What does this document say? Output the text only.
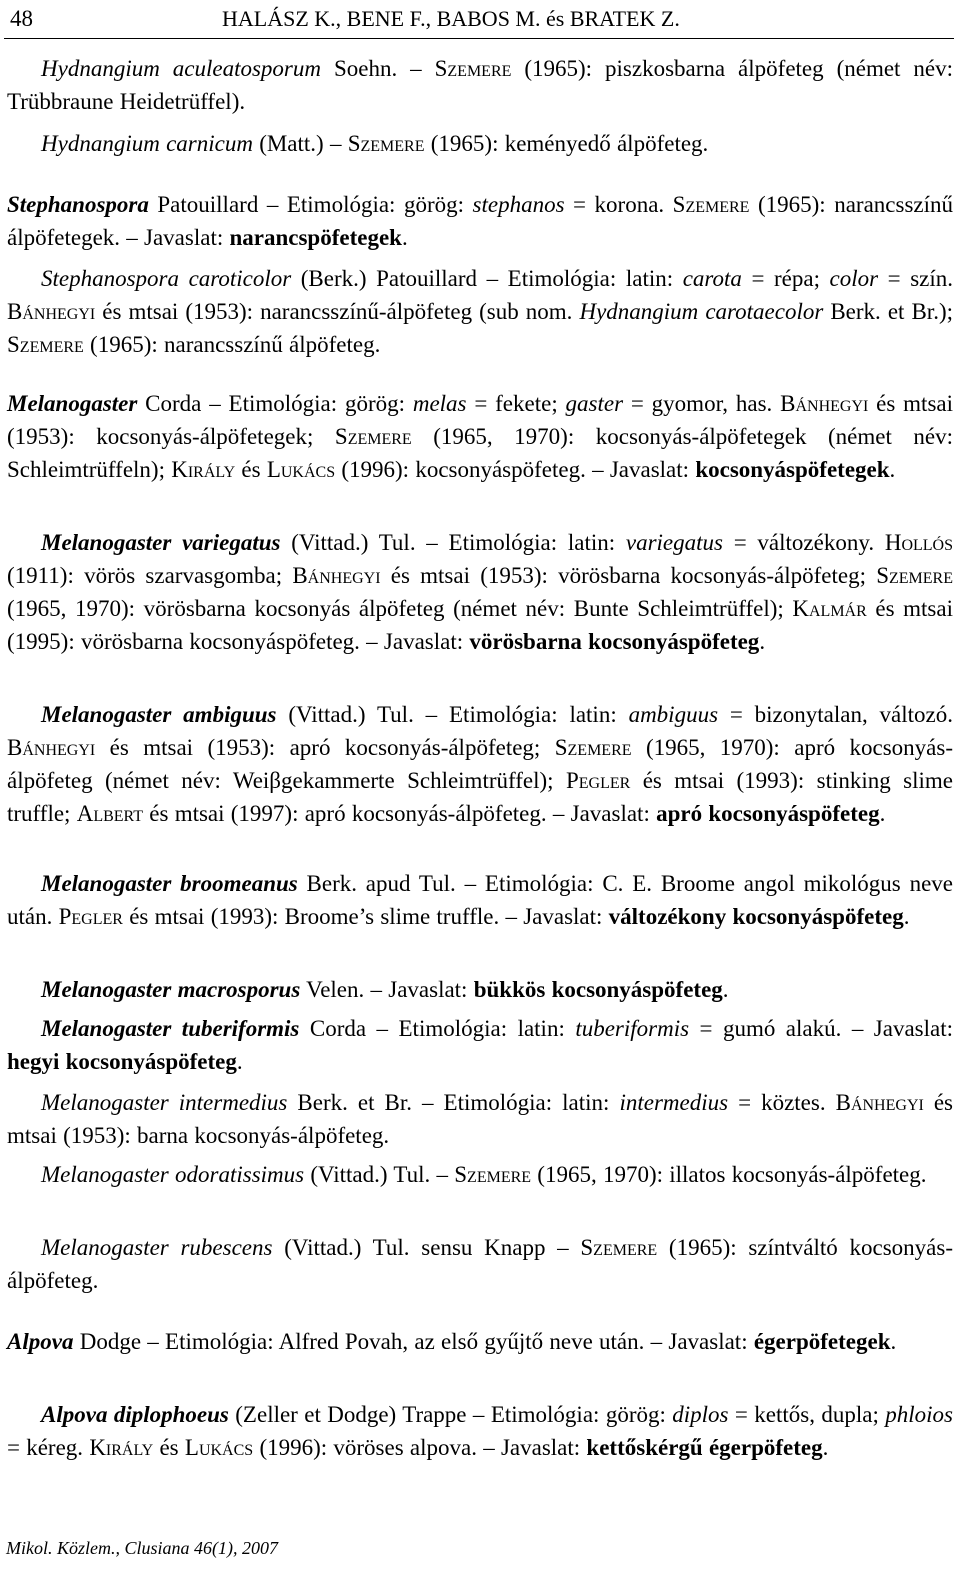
48	HALÁSZ K., BENE F., BABOS M. és BRATEK Z.
Hydnangium aculeatosporum Soehn. – Szemere (1965): piszkosbarna álpöfeteg (német név: Trübbraune Heidetrüffel).
Hydnangium carnicum (Matt.) – Szemere (1965): keményedő álpöfeteg.
Stephanospora Patouillard – Etimológia: görög: stephanos = korona. Szemere (1965): narancsszínű álpöfetegek. – Javaslat: narancspöfetegek.
Stephanospora caroticolor (Berk.) Patouillard – Etimológia: latin: carota = répa; color = szín. Bánhegyi és mtsai (1953): narancsszínű-álpöfeteg (sub nom. Hydnangium carotaecolor Berk. et Br.); Szemere (1965): narancsszínű álpöfeteg.
Melanogaster Corda – Etimológia: görög: melas = fekete; gaster = gyomor, has. Bánhegyi és mtsai (1953): kocsonyás-álpöfetegek; Szemere (1965, 1970): kocsonyás-álpöfetegek (német név: Schleimtrüffeln); Király és Lukács (1996): kocsonyáspöfeteg. – Javaslat: kocsonyáspöfetegek.
Melanogaster variegatus (Vittad.) Tul. – Etimológia: latin: variegatus = változékony. Hollós (1911): vörös szarvasgomba; Bánhegyi és mtsai (1953): vörösbarna kocsonyás-álpöfeteg; Szemere (1965, 1970): vörösbarna kocsonyás álpöfeteg (német név: Bunte Schleimtrüffel); Kalmár és mtsai (1995): vörösbarna kocsonyáspöfeteg. – Javaslat: vörösbarna kocsonyáspöfeteg.
Melanogaster ambiguus (Vittad.) Tul. – Etimológia: latin: ambiguus = bizonytalan, változó. Bánhegyi és mtsai (1953): apró kocsonyás-álpöfeteg; Szemere (1965, 1970): apró kocsonyás-álpöfeteg (német név: Weiβgekammerte Schleimtrüffel); Pegler és mtsai (1993): stinking slime truffle; Albert és mtsai (1997): apró kocsonyás-álpöfeteg. – Javaslat: apró kocsonyáspöfeteg.
Melanogaster broomeanus Berk. apud Tul. – Etimológia: C. E. Broome angol mikológus neve után. Pegler és mtsai (1993): Broome’s slime truffle. – Javaslat: változékony kocsonyáspöfeteg.
Melanogaster macrosporus Velen. – Javaslat: bükkös kocsonyáspöfeteg.
Melanogaster tuberiformis Corda – Etimológia: latin: tuberiformis = gumó alakú. – Javaslat: hegyi kocsonyáspöfeteg.
Melanogaster intermedius Berk. et Br. – Etimológia: latin: intermedius = köztes. Bánhegyi és mtsai (1953): barna kocsonyás-álpöfeteg.
Melanogaster odoratissimus (Vittad.) Tul. – Szemere (1965, 1970): illatos kocsonyás-álpöfeteg.
Melanogaster rubescens (Vittad.) Tul. sensu Knapp – Szemere (1965): színtváltó kocsonyás-álpöfeteg.
Alpova Dodge – Etimológia: Alfred Povah, az első gyűjtő neve után. – Javaslat: égerpöfetegek.
Alpova diplophoeus (Zeller et Dodge) Trappe – Etimológia: görög: diplos = kettős, dupla; phloios = kéreg. Király és Lukács (1996): vöröses alpova. – Javaslat: kettőskérgű égerpöfeteg.
Mikol. Közlem., Clusiana 46(1), 2007
